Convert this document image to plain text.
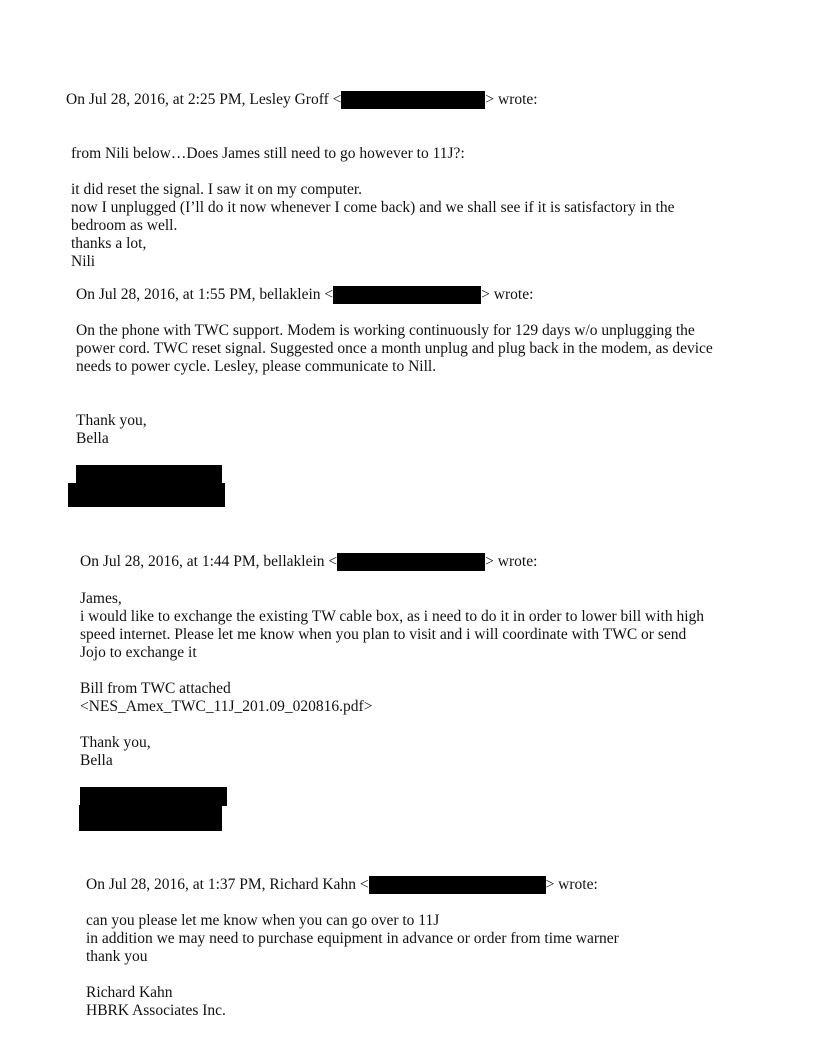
On Jul 28, 2016, at 2:25 PM, Lesley Groff <	> wrote:
from Nili below…Does James still need to go however to 11J?:
it did reset the signal. I saw it on my computer.
now I unplugged (I’ll do it now whenever I come back) and we shall see if it is satisfactory in the
bedroom as well.
thanks a lot,
Nili
On Jul 28, 2016, at 1:55 PM, bellaklein <	> wrote:
On the phone with TWC support. Modem is working continuously for 129 days w/o unplugging the
power cord. TWC reset signal. Suggested once a month unplug and plug back in the modem, as device
needs to power cycle. Lesley, please communicate to Nill.
Thank you,
Bella
On Jul 28, 2016, at 1:44 PM, bellaklein <	> wrote:
James,
i would like to exchange the existing TW cable box, as i need to do it in order to lower bill with high
speed internet. Please let me know when you plan to visit and i will coordinate with TWC or send
Jojo to exchange it
Bill from TWC attached
<NES_Amex_TWC_11J_201.09_020816.pdf>
Thank you,
Bella
On Jul 28, 2016, at 1:37 PM, Richard Kahn <	> wrote:
can you please let me know when you can go over to 11J
in addition we may need to purchase equipment in advance or order from time warner
thank you
Richard Kahn
HBRK Associates Inc.
